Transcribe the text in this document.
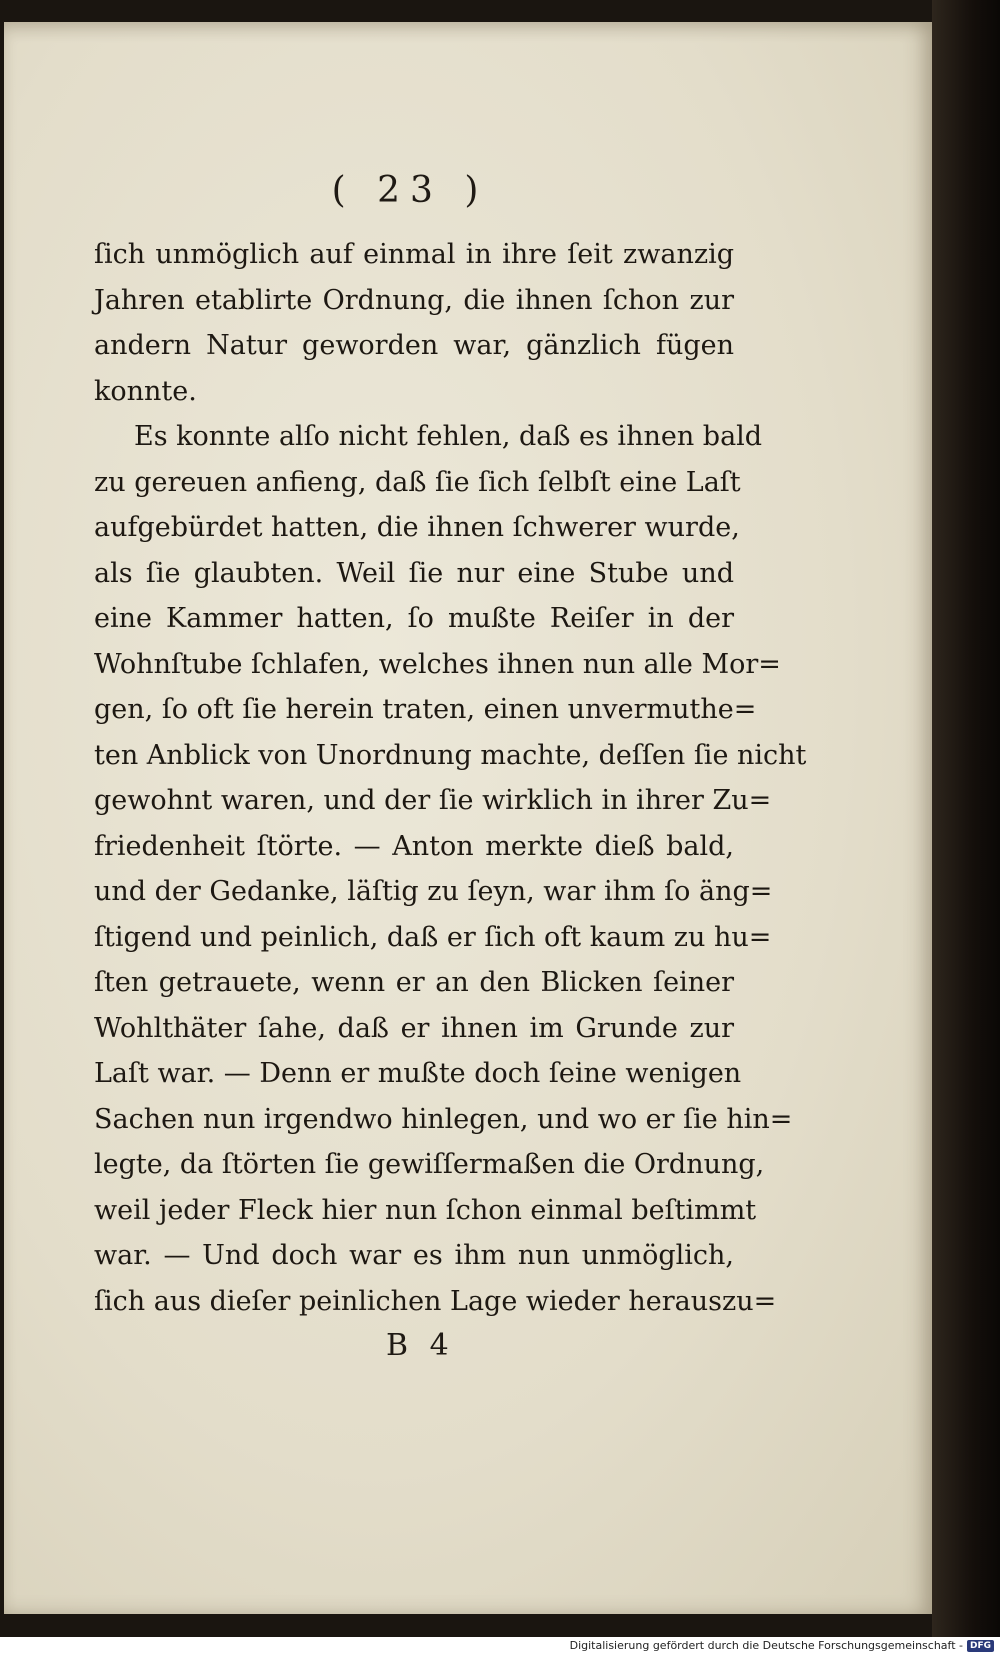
( 23 )
ſich unmöglich auf einmal in ihre ſeit zwanzig
Jahren etablirte Ordnung, die ihnen ſchon zur
andern Natur geworden war, gänzlich fügen
konnte.
Es konnte alſo nicht fehlen, daß es ihnen bald
zu gereuen anfieng, daß ſie ſich ſelbſt eine Laſt
aufgebürdet hatten, die ihnen ſchwerer wurde,
als ſie glaubten. Weil ſie nur eine Stube und
eine Kammer hatten, ſo mußte Reiſer in der
Wohnſtube ſchlafen, welches ihnen nun alle Mor=
gen, ſo oft ſie herein traten, einen unvermuthe=
ten Anblick von Unordnung machte, deſſen ſie nicht
gewohnt waren, und der ſie wirklich in ihrer Zu=
friedenheit ſtörte. — Anton merkte dieß bald,
und der Gedanke, läſtig zu ſeyn, war ihm ſo äng=
ſtigend und peinlich, daß er ſich oft kaum zu hu=
ſten getrauete, wenn er an den Blicken ſeiner
Wohlthäter ſahe, daß er ihnen im Grunde zur
Laſt war. — Denn er mußte doch ſeine wenigen
Sachen nun irgendwo hinlegen, und wo er ſie hin=
legte, da ſtörten ſie gewiſſermaßen die Ordnung,
weil jeder Fleck hier nun ſchon einmal beſtimmt
war. — Und doch war es ihm nun unmöglich,
ſich aus dieſer peinlichen Lage wieder herauszu=
B 4
Digitalisierung gefördert durch die Deutsche Forschungsgemeinschaft - DFG
